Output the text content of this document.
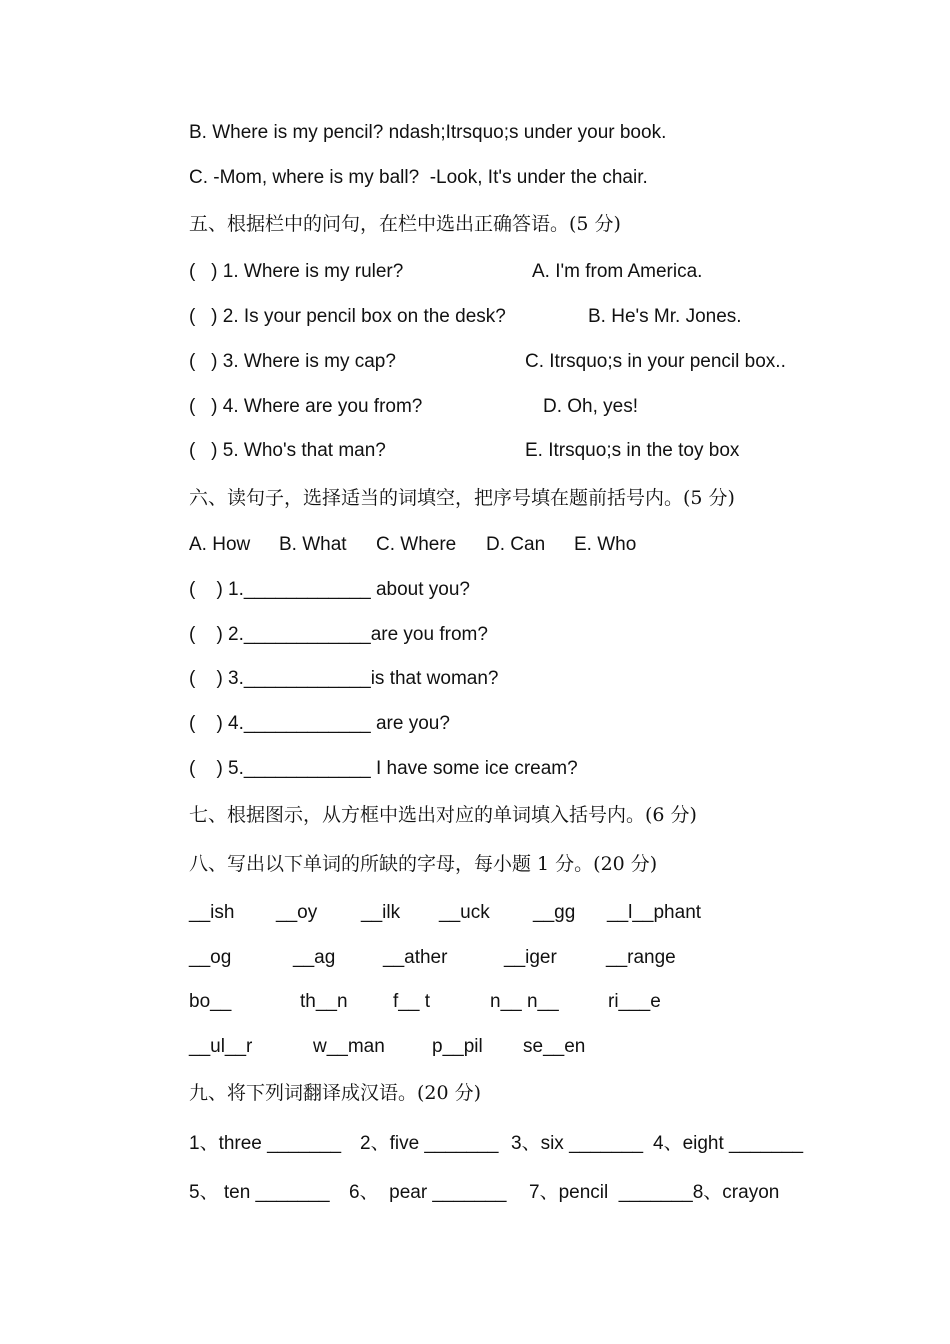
B. Where is my pencil? ndash;Itrsquo;s under your book.
C. -Mom, where is my ball?  -Look, It's under the chair.
五、根据栏中的问句，在栏中选出正确答语。(5 分)
(   ) 1. Where is my ruler?	A. I'm from America.
(   ) 2. Is your pencil box on the desk?	B. He's Mr. Jones.
(   ) 3. Where is my cap?	C. Itrsquo;s in your pencil box..
(   ) 4. Where are you from?	D. Oh, yes!
(   ) 5. Who's that man?	E. Itrsquo;s in the toy box
六、读句子，选择适当的词填空，把序号填在题前括号内。(5 分)
A. How B. What C. Where D. Can E. Who
(    ) 1.____________ about you?
(    ) 2.____________are you from?
(    ) 3.____________is that woman?
(    ) 4.____________ are you?
(    ) 5.____________ I have some ice cream?
七、根据图示，从方框中选出对应的单词填入括号内。(6 分)
八、写出以下单词的所缺的字母，每小题 1 分。(20 分)
__ish __oy __ilk __uck __gg __l__phant
__og	__ag	__ather	__iger	__range
bo__	th__n f__ t	n__ n__	ri___e
__ul__r	w__man p__pil se__en
九、将下列词翻译成汉语。(20 分)
1、three _______ 2、five _______ 3、six _______ 4、eight _______
5、 ten _______ 6、  pear _______ 7、pencil  _______8、crayon
